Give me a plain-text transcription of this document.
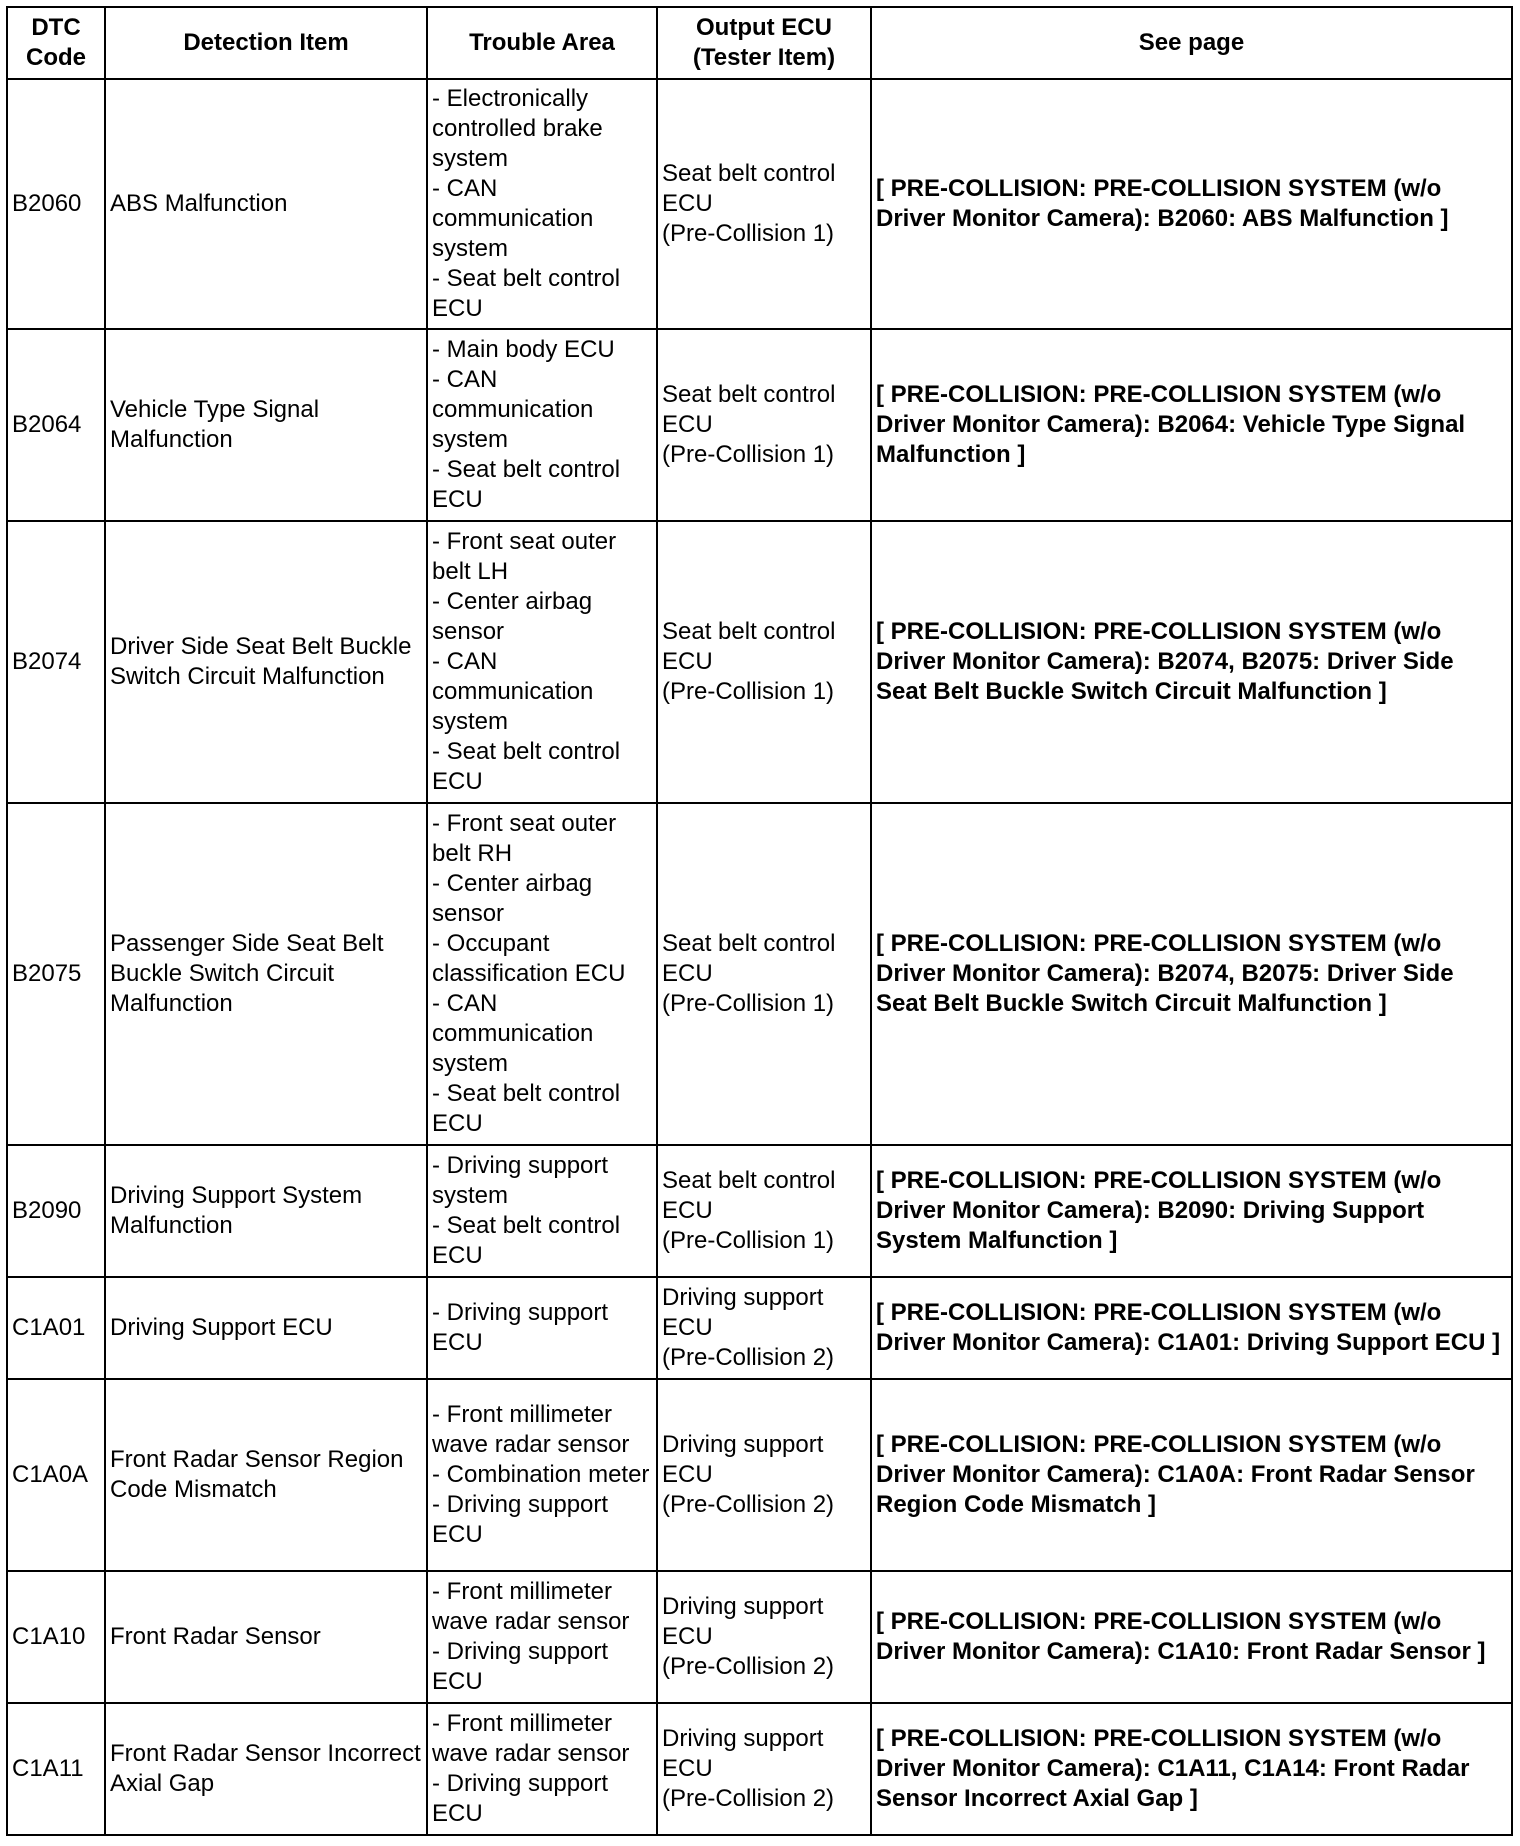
DTC
Code	Detection Item	Trouble Area	Output ECU
(Tester Item)	See page
B2060	ABS Malfunction	- Electronically controlled brake system
- CAN communication system
- Seat belt control ECU	Seat belt control ECU
(Pre-Collision 1)	[ PRE-COLLISION: PRE-COLLISION SYSTEM (w/o Driver Monitor Camera): B2060: ABS Malfunction ]
B2064	Vehicle Type Signal Malfunction	- Main body ECU
- CAN communication system
- Seat belt control ECU	Seat belt control ECU
(Pre-Collision 1)	[ PRE-COLLISION: PRE-COLLISION SYSTEM (w/o Driver Monitor Camera): B2064: Vehicle Type Signal Malfunction ]
B2074	Driver Side Seat Belt Buckle Switch Circuit Malfunction	- Front seat outer belt LH
- Center airbag sensor
- CAN communication system
- Seat belt control ECU	Seat belt control ECU
(Pre-Collision 1)	[ PRE-COLLISION: PRE-COLLISION SYSTEM (w/o Driver Monitor Camera): B2074, B2075: Driver Side Seat Belt Buckle Switch Circuit Malfunction ]
B2075	Passenger Side Seat Belt Buckle Switch Circuit Malfunction	- Front seat outer belt RH
- Center airbag sensor
- Occupant classification ECU
- CAN communication system
- Seat belt control ECU	Seat belt control ECU
(Pre-Collision 1)	[ PRE-COLLISION: PRE-COLLISION SYSTEM (w/o Driver Monitor Camera): B2074, B2075: Driver Side Seat Belt Buckle Switch Circuit Malfunction ]
B2090	Driving Support System Malfunction	- Driving support system
- Seat belt control ECU	Seat belt control ECU
(Pre-Collision 1)	[ PRE-COLLISION: PRE-COLLISION SYSTEM (w/o Driver Monitor Camera): B2090: Driving Support System Malfunction ]
C1A01	Driving Support ECU	- Driving support ECU	Driving support ECU
(Pre-Collision 2)	[ PRE-COLLISION: PRE-COLLISION SYSTEM (w/o Driver Monitor Camera): C1A01: Driving Support ECU ]
C1A0A	Front Radar Sensor Region Code Mismatch	- Front millimeter wave radar sensor
- Combination meter
- Driving support ECU	Driving support ECU
(Pre-Collision 2)	[ PRE-COLLISION: PRE-COLLISION SYSTEM (w/o Driver Monitor Camera): C1A0A: Front Radar Sensor Region Code Mismatch ]
C1A10	Front Radar Sensor	- Front millimeter wave radar sensor
- Driving support ECU	Driving support ECU
(Pre-Collision 2)	[ PRE-COLLISION: PRE-COLLISION SYSTEM (w/o Driver Monitor Camera): C1A10: Front Radar Sensor ]
C1A11	Front Radar Sensor Incorrect Axial Gap	- Front millimeter wave radar sensor
- Driving support ECU	Driving support ECU
(Pre-Collision 2)	[ PRE-COLLISION: PRE-COLLISION SYSTEM (w/o Driver Monitor Camera): C1A11, C1A14: Front Radar Sensor Incorrect Axial Gap ]
